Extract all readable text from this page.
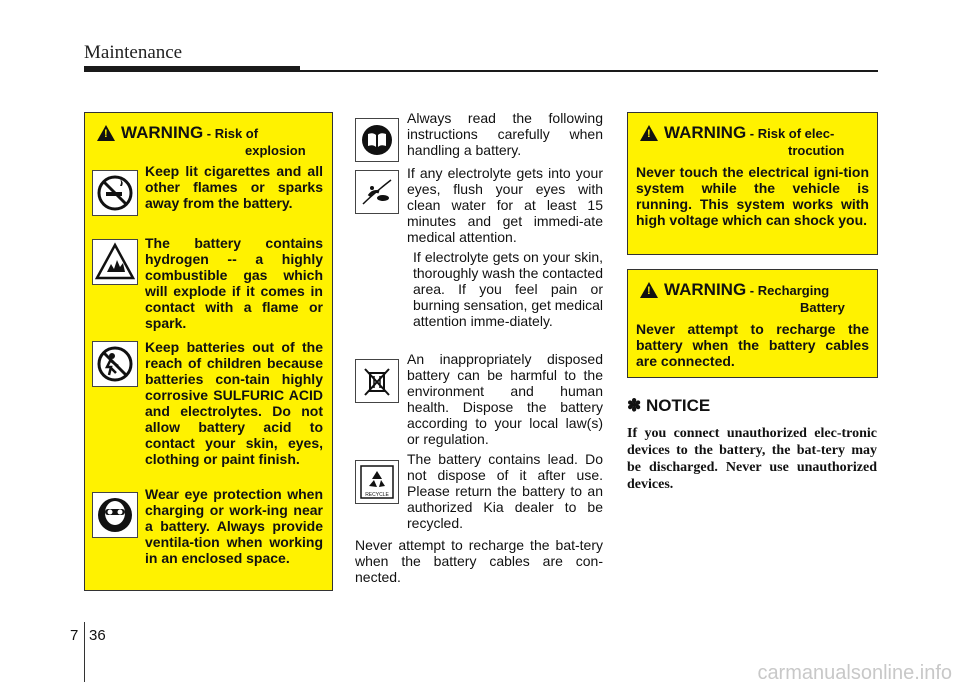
Maintenance
!
WARNING - Risk of
explosion
Keep lit cigarettes and all other flames or sparks away from the battery.
The battery contains hydrogen -- a highly combustible gas which will explode if it comes in contact with a flame or spark.
Keep batteries out of the reach of children because batteries con-tain highly corrosive SULFURIC ACID and electrolytes. Do not allow battery acid to contact your skin, eyes, clothing or paint finish.
Wear eye protection when charging or work-ing near a battery. Always provide ventila-tion when working in an enclosed space.
Always read the following instructions carefully when handling a battery.
If any electrolyte gets into your eyes, flush your eyes with clean water for at least 15 minutes and get immedi-ate medical attention.
If electrolyte gets on your skin, thoroughly wash the contacted area. If you feel pain or burning sensation, get medical attention imme-diately.
An inappropriately disposed battery can be harmful to the environment and human health. Dispose the battery according to your local law(s) or regulation.
RECYCLE
The battery contains lead. Do not dispose of it after use. Please return the battery to an authorized Kia dealer to be recycled.
Never attempt to recharge the bat-tery when the battery cables are con-nected.
!
WARNING - Risk of elec-
trocution
Never touch the electrical igni-tion system while the vehicle is running. This system works with high voltage which can shock you.
!
WARNING - Recharging
Battery
Never attempt to recharge the battery when the battery cables are connected.
✽ NOTICE
If you connect unauthorized elec-tronic devices to the battery, the bat-tery may be discharged. Never use unauthorized devices.
7 36
carmanualsonline.info
